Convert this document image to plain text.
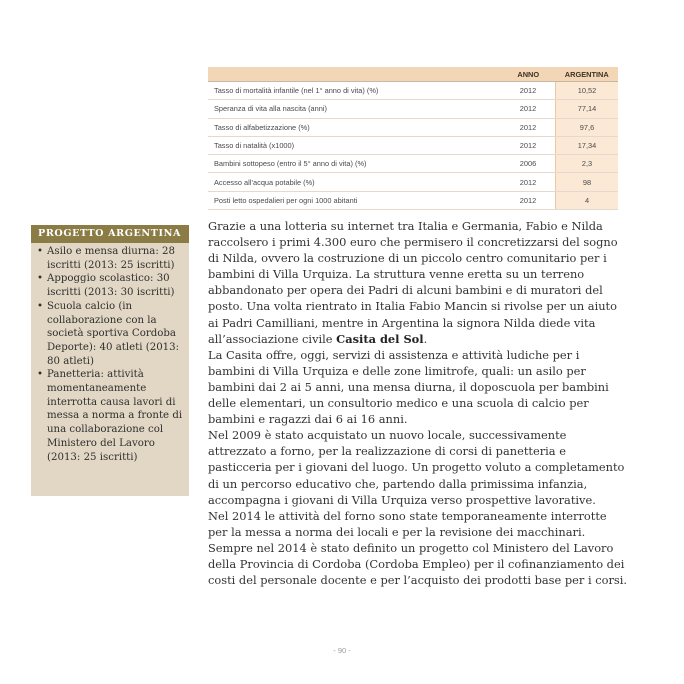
	ANNO	ARGENTINA
Tasso di mortalità infantile (nel 1° anno di vita) (%)	2012	10,52
Speranza di vita alla nascita (anni)	2012	77,14
Tasso di alfabetizzazione (%)	2012	97,6
Tasso di natalità (x1000)	2012	17,34
Bambini sottopeso (entro il 5° anno di vita) (%)	2006	2,3
Accesso all’acqua potabile (%)	2012	98
Posti letto ospedalieri per ogni 1000 abitanti	2012	4
PROGETTO ARGENTINA
• Asilo e mensa diurna: 28 iscritti (2013: 25 iscritti)
• Appoggio scolastico: 30 iscritti (2013: 30 iscritti)
• Scuola calcio (in collaborazione con la società sportiva Cordoba Deporte): 40 atleti (2013: 80 atleti)
• Panetteria: attività momentaneamente interrotta causa lavori di messa a norma a fronte di una collaborazione col Ministero del Lavoro (2013: 25 iscritti)

Grazie a una lotteria su internet tra Italia e Germania, Fabio e Nilda raccolsero i primi 4.300 euro che permisero il concretizzarsi del sogno di Nilda, ovvero la costruzione di un piccolo centro comunitario per i bambini di Villa Urquiza. La struttura venne eretta su un terreno abbandonato per opera dei Padri di alcuni bambini e di muratori del posto. Una volta rientrato in Italia Fabio Mancin si rivolse per un aiuto ai Padri Camilliani, mentre in Argentina la signora Nilda diede vita all’associazione civile Casita del Sol.

La Casita offre, oggi, servizi di assistenza e attività ludiche per i bambini di Villa Urquiza e delle zone limitrofe, quali: un asilo per bambini dai 2 ai 5 anni, una mensa diurna, il doposcuola per bambini delle elementari, un consultorio medico e una scuola di calcio per bambini e ragazzi dai 6 ai 16 anni.

Nel 2009 è stato acquistato un nuovo locale, successivamente attrezzato a forno, per la realizzazione di corsi di panetteria e pasticceria per i giovani del luogo. Un progetto voluto a completamento di un percorso educativo che, partendo dalla primissima infanzia, accompagna i giovani di Villa Urquiza verso prospettive lavorative.

Nel 2014 le attività del forno sono state temporaneamente interrotte per la messa a norma dei locali e per la revisione dei macchinari.

Sempre nel 2014 è stato definito un progetto col Ministero del Lavoro della Provincia di Cordoba (Cordoba Empleo) per il cofinanziamento dei costi del personale docente e per l’acquisto dei prodotti base per i corsi.

- 90 -
